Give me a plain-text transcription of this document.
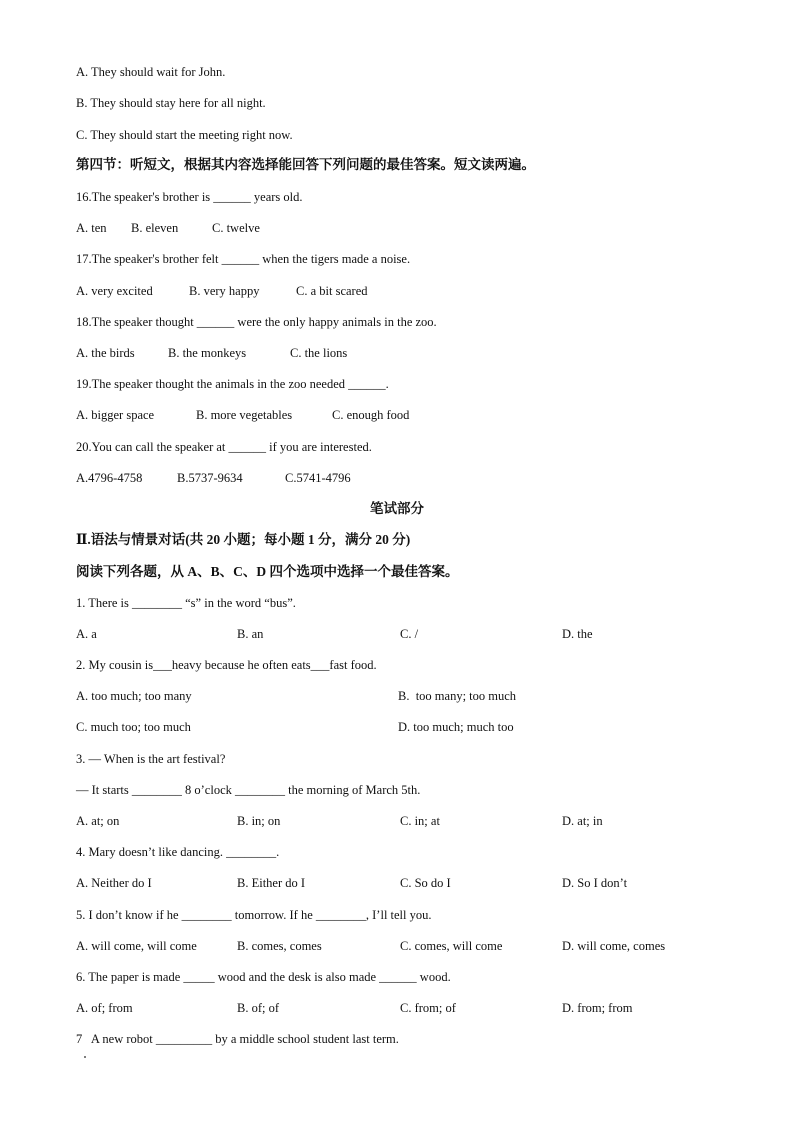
A. They should wait for John.
B. They should stay here for all night.
C. They should start the meeting right now.
第四节：听短文，根据其内容选择能回答下列问题的最佳答案。短文读两遍。
16.The speaker's brother is ______ years old.
A. ten B. eleven	C. twelve
17.The speaker's brother felt ______ when the tigers made a noise.
A. very excited	B. very happy	C. a bit scared
18.The speaker thought ______ were the only happy animals in the zoo.
A. the birds	B. the monkeys	C. the lions
19.The speaker thought the animals in the zoo needed ______.
A. bigger space	B. more vegetables	C. enough food
20.You can call the speaker at ______ if you are interested.
A.4796-4758	B.5737-9634	C.5741-4796
笔试部分
Ⅱ.语法与情景对话(共 20 小题；每小题 1 分，满分 20 分)
阅读下列各题，从 A、B、C、D 四个选项中选择一个最佳答案。
1. There is ________ “s” in the word “bus”.
A. a	B. an	C. /	D. the
2. My cousin is___heavy because he often eats___fast food.
A. too much; too many	B.  too many; too much
C. much too; too much	D. too much; much too
3. — When is the art festival?
— It starts ________ 8 o’clock ________ the morning of March 5th.
A. at; on	B. in; on	C. in; at	D. at; in
4. Mary doesn’t like dancing. ________.
A. Neither do I	B. Either do I	C. So do I	D. So I don’t
5. I don’t know if he ________ tomorrow. If he ________, I’ll tell you.
A. will come, will come	B. comes, comes	C. comes, will come	D. will come, comes
6. The paper is made _____ wood and the desk is also made ______ wood.
A. of; from	B. of; of	C. from; of	D. from; from
7   A new robot _________ by a middle school student last term.
